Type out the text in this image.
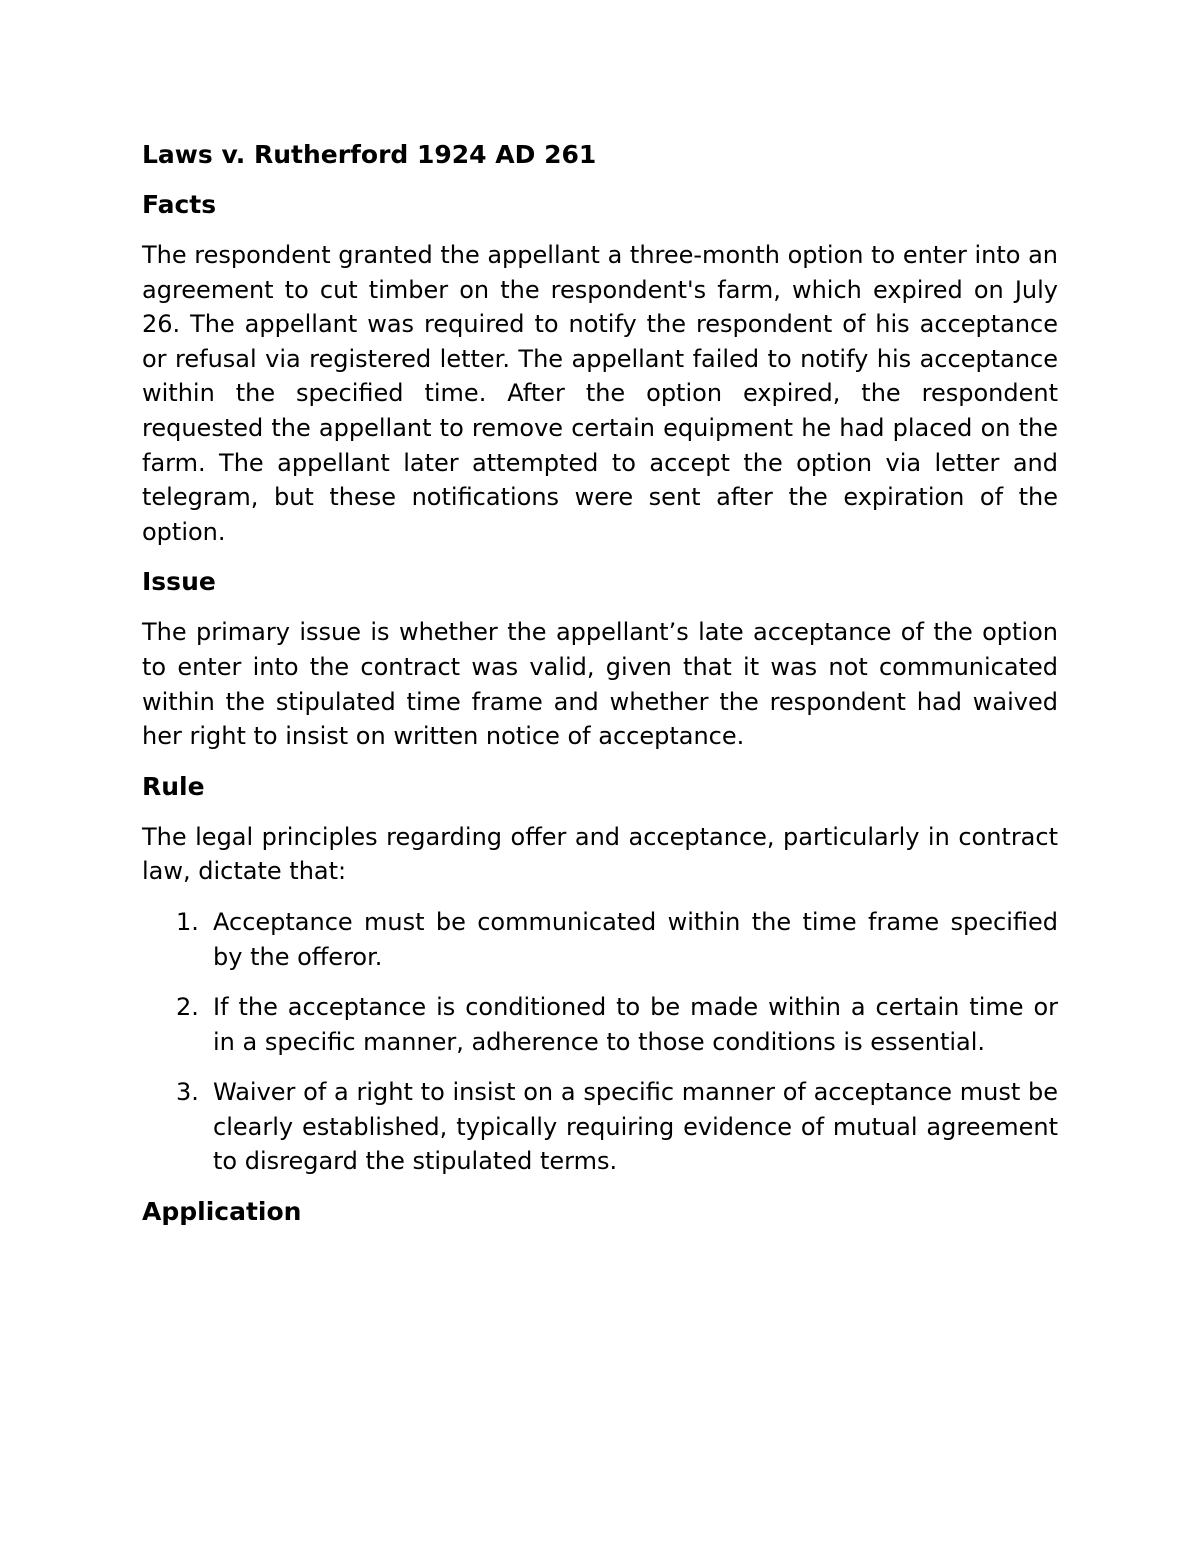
Laws v. Rutherford 1924 AD 261
Facts

The respondent granted the appellant a three-month option to enter into an agreement to cut timber on the respondent's farm, which expired on July 26. The appellant was required to notify the respondent of his acceptance or refusal via registered letter. The appellant failed to notify his acceptance within the specified time. After the option expired, the respondent requested the appellant to remove certain equipment he had placed on the farm. The appellant later attempted to accept the option via letter and telegram, but these notifications were sent after the expiration of the option.

Issue

The primary issue is whether the appellant’s late acceptance of the option to enter into the contract was valid, given that it was not communicated within the stipulated time frame and whether the respondent had waived her right to insist on written notice of acceptance.

Rule

The legal principles regarding offer and acceptance, particularly in contract law, dictate that:

1. Acceptance must be communicated within the time frame specified by the offeror.
2. If the acceptance is conditioned to be made within a certain time or in a specific manner, adherence to those conditions is essential.
3. Waiver of a right to insist on a specific manner of acceptance must be clearly established, typically requiring evidence of mutual agreement to disregard the stipulated terms.
Application
